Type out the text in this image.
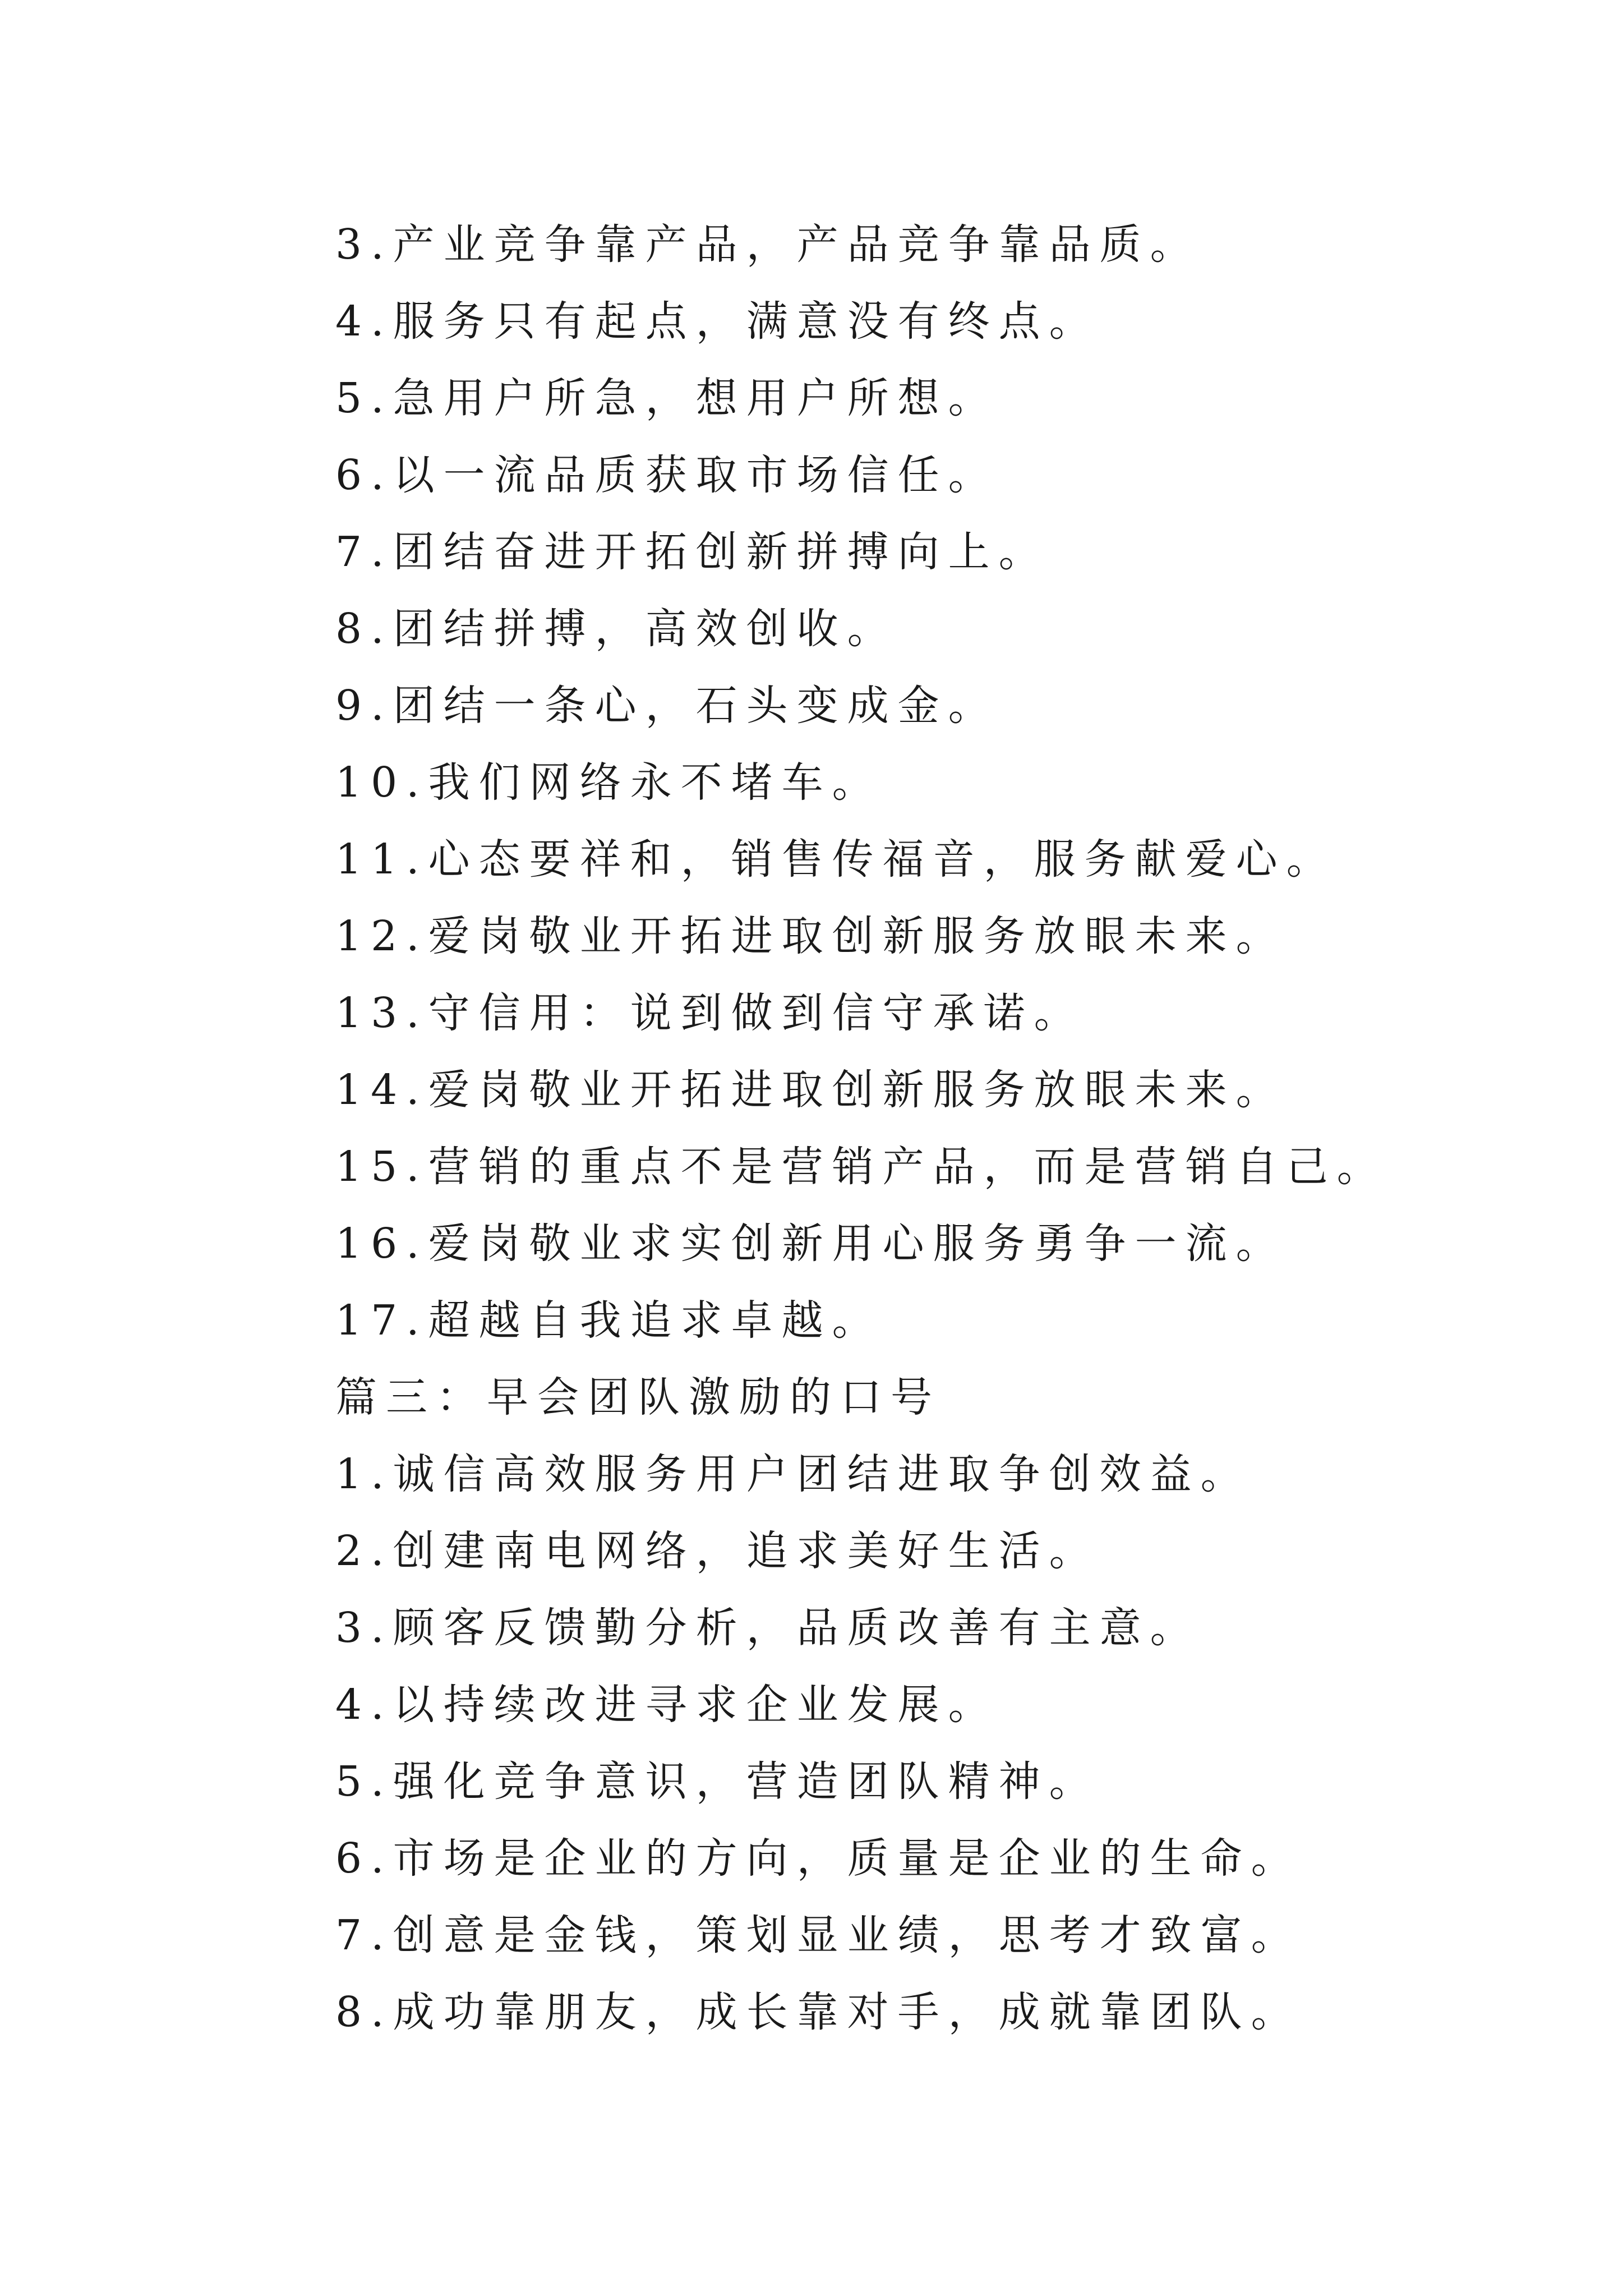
3.产业竞争靠产品，产品竞争靠品质。
4.服务只有起点，满意没有终点。
5.急用户所急，想用户所想。
6.以一流品质获取市场信任。
7.团结奋进开拓创新拼搏向上。
8.团结拼搏，高效创收。
9.团结一条心，石头变成金。
10.我们网络永不堵车。
11.心态要祥和，销售传福音，服务献爱心。
12.爱岗敬业开拓进取创新服务放眼未来。
13.守信用：说到做到信守承诺。
14.爱岗敬业开拓进取创新服务放眼未来。
15.营销的重点不是营销产品，而是营销自己。
16.爱岗敬业求实创新用心服务勇争一流。
17.超越自我追求卓越。
篇三：早会团队激励的口号
1.诚信高效服务用户团结进取争创效益。
2.创建南电网络，追求美好生活。
3.顾客反馈勤分析，品质改善有主意。
4.以持续改进寻求企业发展。
5.强化竞争意识，营造团队精神。
6.市场是企业的方向，质量是企业的生命。
7.创意是金钱，策划显业绩，思考才致富。
8.成功靠朋友，成长靠对手，成就靠团队。
